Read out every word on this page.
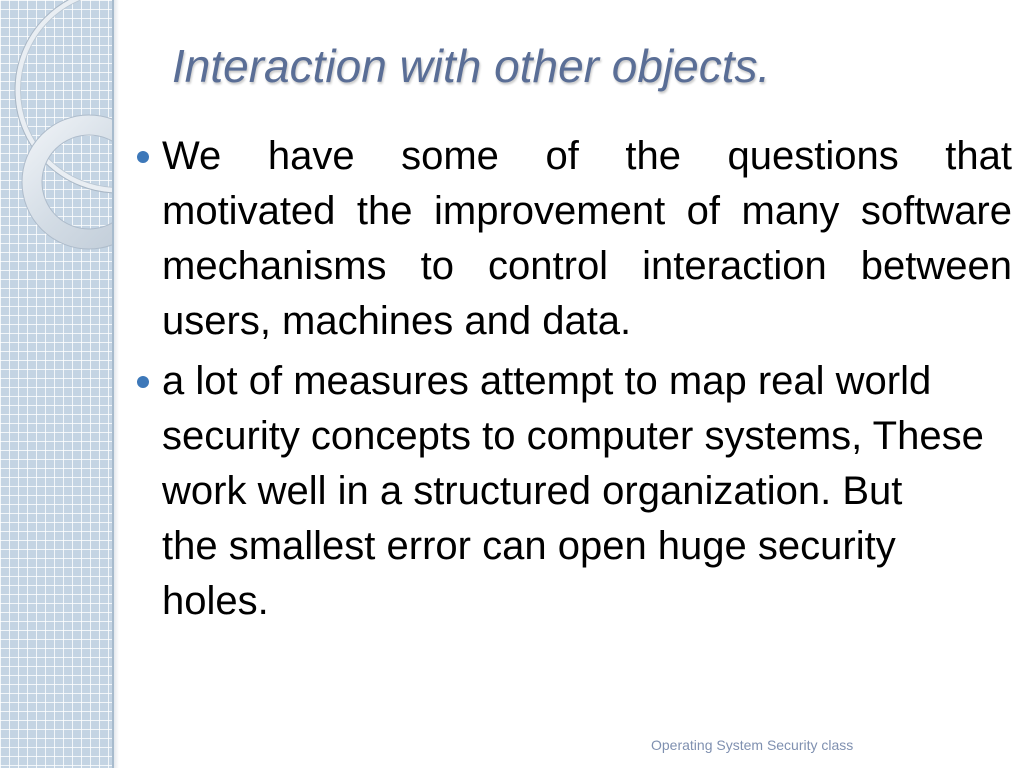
Interaction with other objects.
We have some of the questions that
motivated the improvement of many software
mechanisms to control interaction between
users, machines and data.
a lot of measures attempt to map real world
security concepts to computer systems, These
work well in a structured organization. But
the smallest error can open huge security
holes.
Operating System Security class
